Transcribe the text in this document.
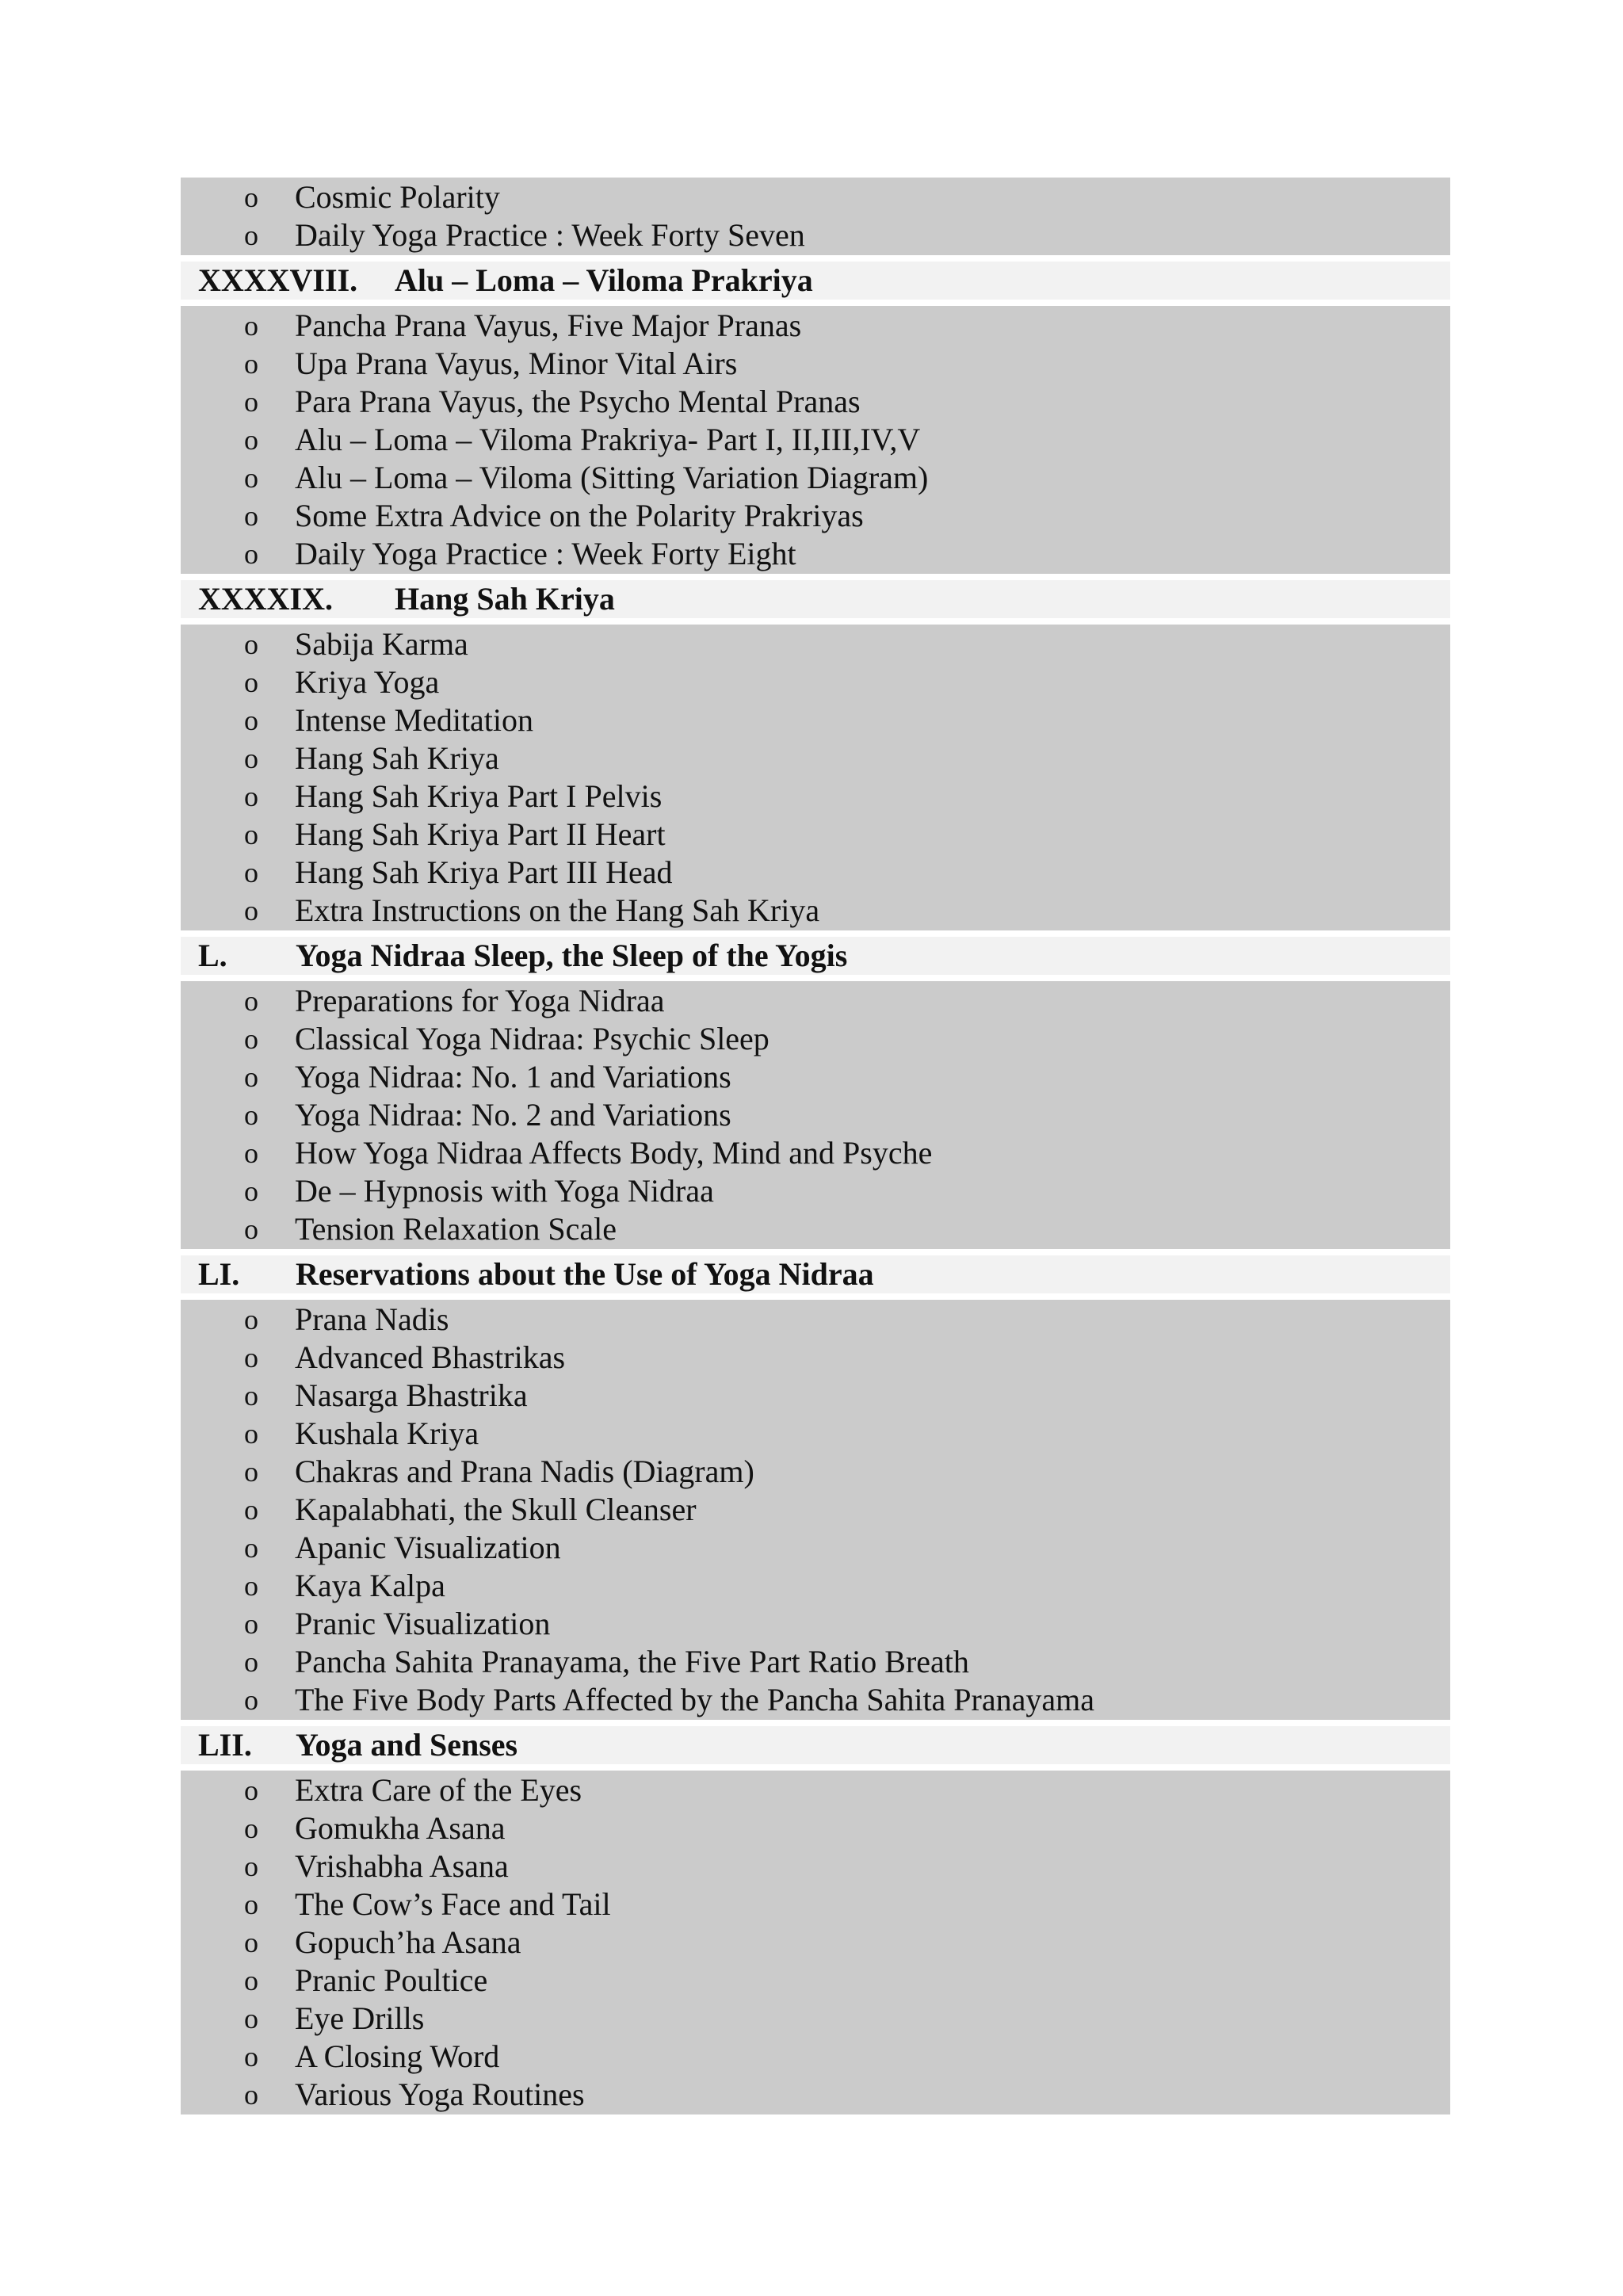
o Cosmic Polarity
o Daily Yoga Practice : Week Forty Seven
XXXXVIII. Alu – Loma – Viloma Prakriya
o Pancha Prana Vayus, Five Major Pranas
o Upa Prana Vayus, Minor Vital Airs
o Para Prana Vayus, the Psycho Mental Pranas
o Alu – Loma – Viloma Prakriya- Part I, II,III,IV,V
o Alu – Loma – Viloma (Sitting Variation Diagram)
o Some Extra Advice on the Polarity Prakriyas
o Daily Yoga Practice : Week Forty Eight
XXXXIX. Hang Sah Kriya
o Sabija Karma
o Kriya Yoga
o Intense Meditation
o Hang Sah Kriya
o Hang Sah Kriya Part I Pelvis
o Hang Sah Kriya Part II Heart
o Hang Sah Kriya Part III Head
o Extra Instructions on the Hang Sah Kriya
L. Yoga Nidraa Sleep, the Sleep of the Yogis
o Preparations for Yoga Nidraa
o Classical Yoga Nidraa: Psychic Sleep
o Yoga Nidraa: No. 1 and Variations
o Yoga Nidraa: No. 2 and Variations
o How Yoga Nidraa Affects Body, Mind and Psyche
o De – Hypnosis with Yoga Nidraa
o Tension Relaxation Scale
LI. Reservations about the Use of Yoga Nidraa
o Prana Nadis
o Advanced Bhastrikas
o Nasarga Bhastrika
o Kushala Kriya
o Chakras and Prana Nadis (Diagram)
o Kapalabhati, the Skull Cleanser
o Apanic Visualization
o Kaya Kalpa
o Pranic Visualization
o Pancha Sahita Pranayama, the Five Part Ratio Breath
o The Five Body Parts Affected by the Pancha Sahita Pranayama
LII. Yoga and Senses
o Extra Care of the Eyes
o Gomukha Asana
o Vrishabha Asana
o The Cow’s Face and Tail
o Gopuch’ha Asana
o Pranic Poultice
o Eye Drills
o A Closing Word
o Various Yoga Routines
